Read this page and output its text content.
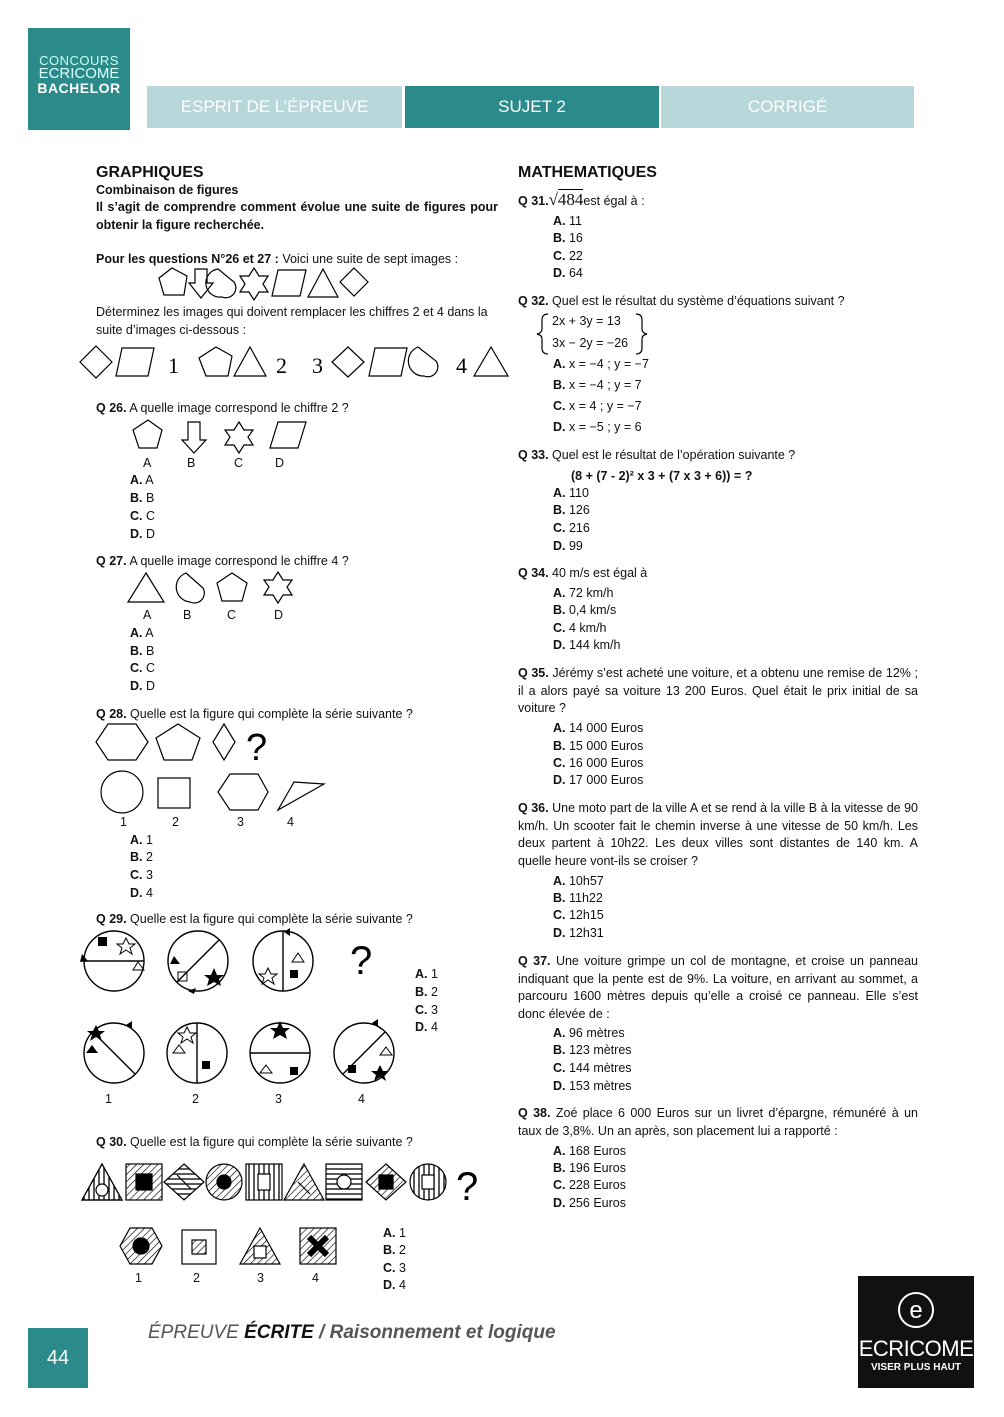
CONCOURS
ECRICOME
BACHELOR
ESPRIT DE L’ÉPREUVE	SUJET 2	CORRIGÉ
GRAPHIQUES
Combinaison de figures
Il s’agit de comprendre comment évolue une suite de figures pour obtenir la figure recherchée.
Pour les questions N°26 et 27 : Voici une suite de sept images :
Déterminez les images qui doivent remplacer les chiffres 2 et 4 dans la suite d’images ci-dessous :
1	2 3	4
Q 26. A quelle image correspond le chiffre 2 ?
A	B	C	D
A. A
B. B
C. C
D. D
Q 27. A quelle image correspond le chiffre 4 ?
A	B	C	D
A. A
B. B
C. C
D. D
Q 28. Quelle est la figure qui complète la série suivante ?
?
1	2	3	4
A. 1
B. 2
C. 3
D. 4
Q 29. Quelle est la figure qui complète la série suivante ?
?	A. 1
B. 2
C. 3
D. 4
1	2	3	4
Q 30. Quelle est la figure qui complète la série suivante ?
?
1	2	3	4
A. 1
B. 2
C. 3
D. 4
MATHEMATIQUES
Q 31.√484est égal à :
A. 11
B. 16
C. 22
D. 64
Q 32. Quel est le résultat du système d’équations suivant ?
2x + 3y = 13
3x − 2y = −26
A. x = −4 ; y = −7
B. x = −4 ; y = 7
C. x = 4 ; y = −7
D. x = −5 ; y = 6
Q 33. Quel est le résultat de l’opération suivante ?
(8 + (7 - 2)² x 3 + (7 x 3 + 6)) = ?
A. 110
B. 126
C. 216
D. 99
Q 34. 40 m/s est égal à
A. 72 km/h
B. 0,4 km/s
C. 4 km/h
D. 144 km/h
Q 35. Jérémy s’est acheté une voiture, et a obtenu une remise de 12% ; il a alors payé sa voiture 13 200 Euros. Quel était le prix initial de sa voiture ?
A. 14 000 Euros
B. 15 000 Euros
C. 16 000 Euros
D. 17 000 Euros
Q 36. Une moto part de la ville A et se rend à la ville B à la vitesse de 90 km/h. Un scooter fait le chemin inverse à une vitesse de 50 km/h. Les deux partent à 10h22. Les deux villes sont distantes de 140 km. A quelle heure vont-ils se croiser ?
A. 10h57
B. 11h22
C. 12h15
D. 12h31
Q 37. Une voiture grimpe un col de montagne, et croise un panneau indiquant que la pente est de 9%. La voiture, en arrivant au sommet, a parcouru 1600 mètres depuis qu’elle a croisé ce panneau. Elle s’est donc élevée de :
A. 96 mètres
B. 123 mètres
C. 144 mètres
D. 153 mètres
Q 38. Zoé place 6 000 Euros sur un livret d’épargne, rémunéré à un taux de 3,8%. Un an après, son placement lui a rapporté :
A. 168 Euros
B. 196 Euros
C. 228 Euros
D. 256 Euros
44
ÉPREUVE ÉCRITE / Raisonnement et logique
e
ECRICOME
VISER PLUS HAUT
